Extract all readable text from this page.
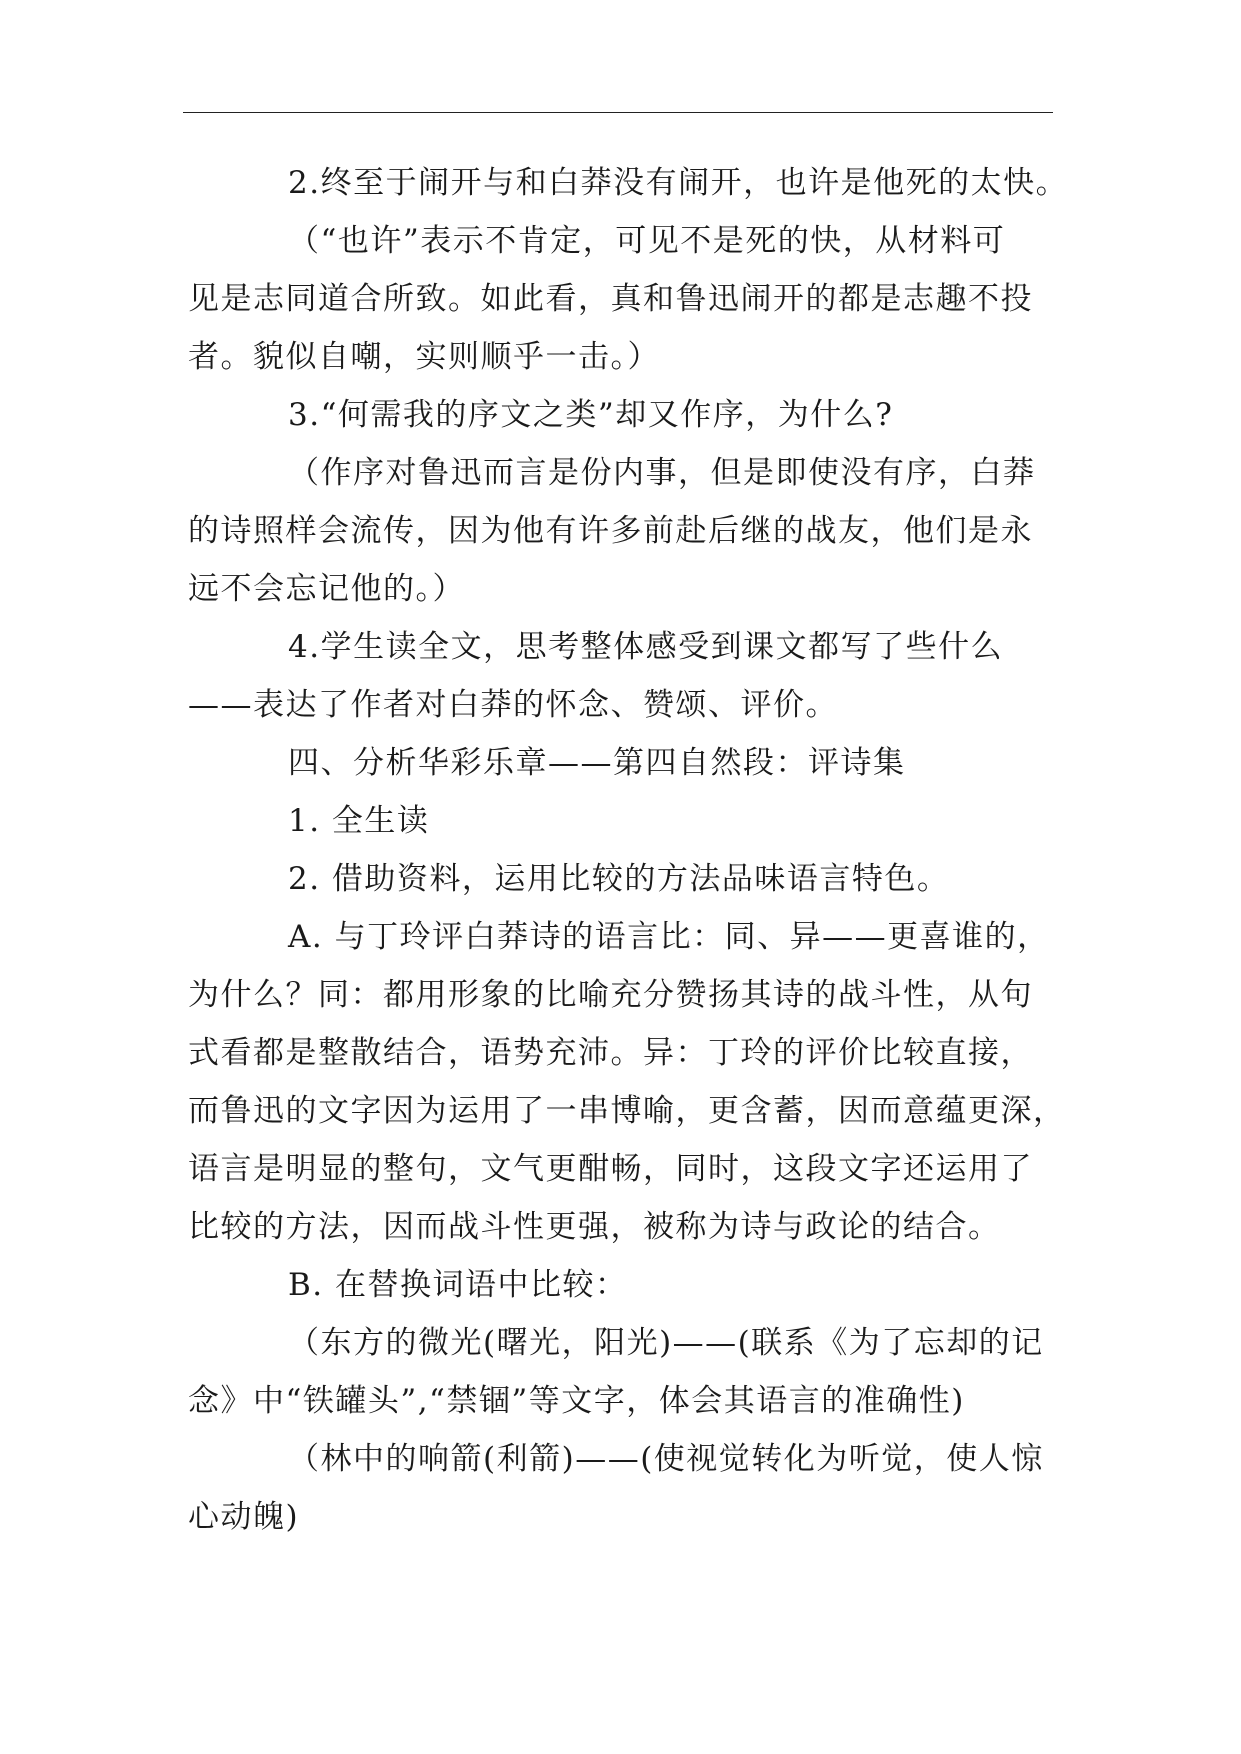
2.终至于闹开与和白莽没有闹开，也许是他死的太快。
（“也许”表示不肯定，可见不是死的快，从材料可
见是志同道合所致。如此看，真和鲁迅闹开的都是志趣不投
者。貌似自嘲，实则顺乎一击。）
3.“何需我的序文之类”却又作序，为什么?
（作序对鲁迅而言是份内事，但是即使没有序，白莽
的诗照样会流传，因为他有许多前赴后继的战友，他们是永
远不会忘记他的。）
4.学生读全文，思考整体感受到课文都写了些什么
——表达了作者对白莽的怀念、赞颂、评价。
四、分析华彩乐章——第四自然段：评诗集
1. 全生读
2. 借助资料，运用比较的方法品味语言特色。
A. 与丁玲评白莽诗的语言比：同、异——更喜谁的，
为什么？同：都用形象的比喻充分赞扬其诗的战斗性，从句
式看都是整散结合，语势充沛。异：丁玲的评价比较直接，
而鲁迅的文字因为运用了一串博喻，更含蓄，因而意蕴更深，
语言是明显的整句，文气更酣畅，同时，这段文字还运用了
比较的方法，因而战斗性更强，被称为诗与政论的结合。
B. 在替换词语中比较：
（东方的微光(曙光，阳光)——(联系《为了忘却的记
念》中“铁罐头”,“禁锢”等文字，体会其语言的准确性)
（林中的响箭(利箭)——(使视觉转化为听觉，使人惊
心动魄)
